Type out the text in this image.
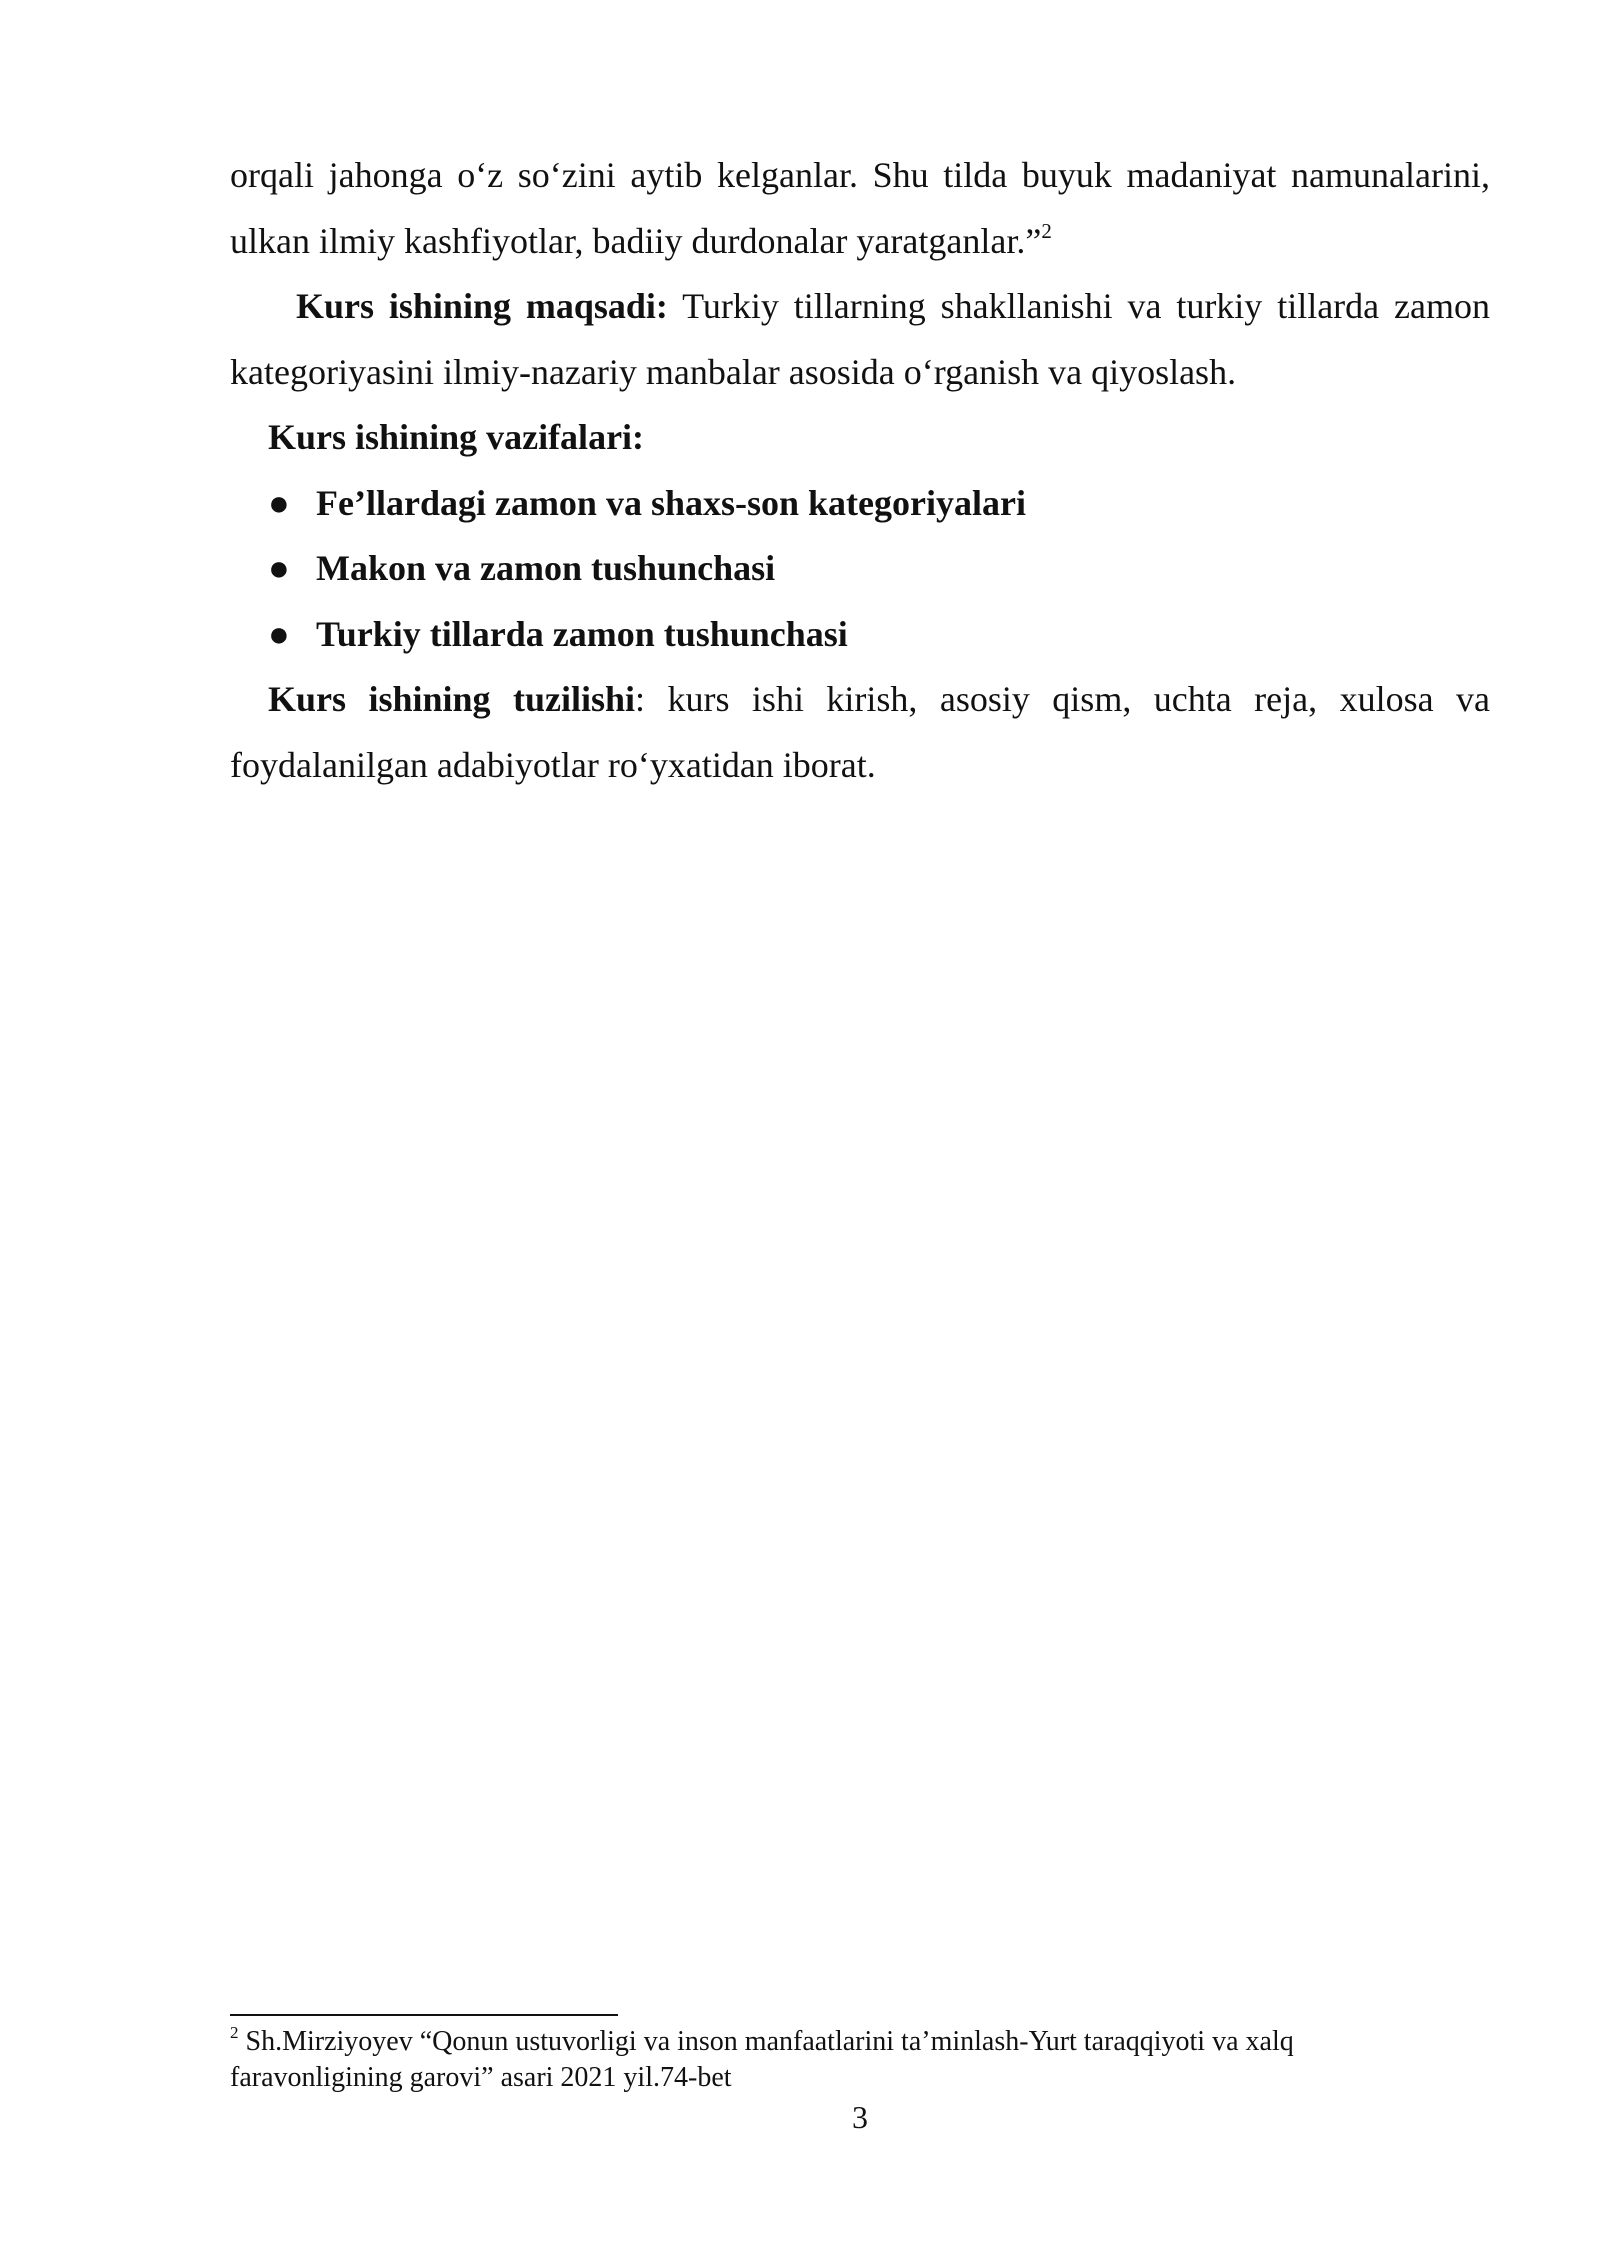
orqali jahonga o‘z so‘zini aytib kelganlar. Shu tilda buyuk madaniyat namunalarini, ulkan ilmiy kashfiyotlar, badiiy durdonalar yaratganlar.”$^2$

Kurs ishining maqsadi: Turkiy tillarning shakllanishi va turkiy tillarda zamon kategoriyasini ilmiy-nazariy manbalar asosida o‘rganish va qiyoslash.

Kurs ishining vazifalari:

● Fe’llardagi zamon va shaxs-son kategoriyalari
● Makon va zamon tushunchasi
● Turkiy tillarda zamon tushunchasi

Kurs ishining tuzilishi: kurs ishi kirish, asosiy qism, uchta reja, xulosa va foydalanilgan adabiyotlar ro‘yxatidan iborat.

$^2$ Sh.Mirziyoyev “Qonun ustuvorligi va inson manfaatlarini ta’minlash-Yurt taraqqiyoti va xalq faravonligining garovi” asari 2021 yil.74-bet

3
